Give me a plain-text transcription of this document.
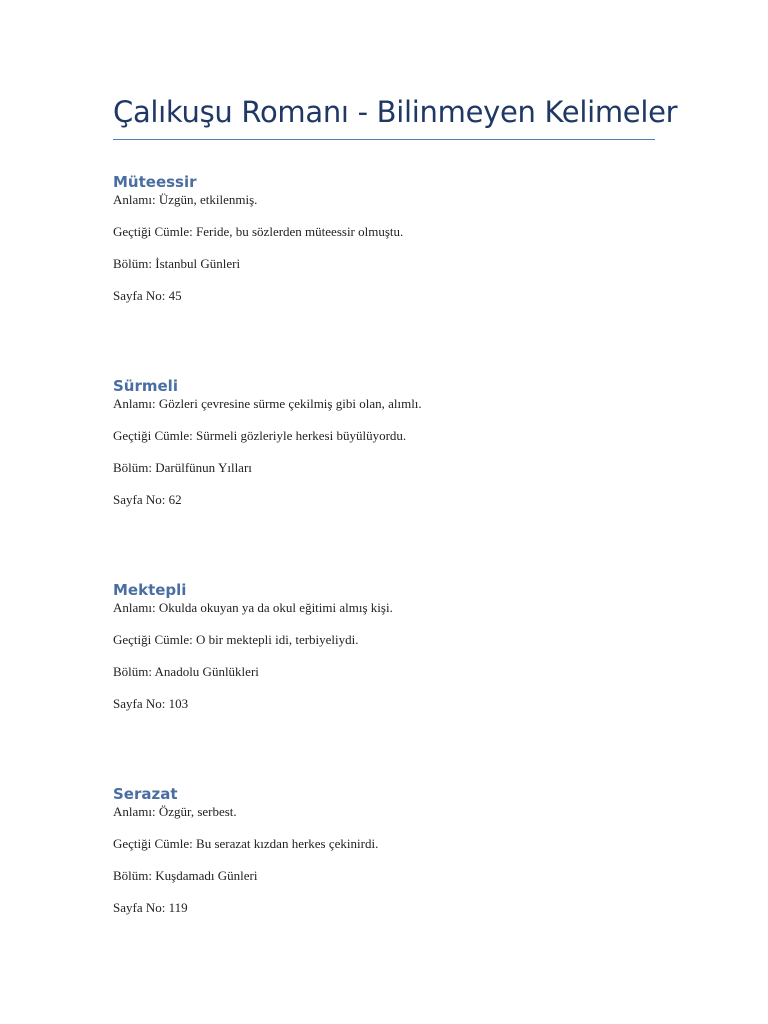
Çalıkuşu Romanı - Bilinmeyen Kelimeler
Müteessir
Anlamı: Üzgün, etkilenmiş.
Geçtiği Cümle: Feride, bu sözlerden müteessir olmuştu.
Bölüm: İstanbul Günleri
Sayfa No: 45
Sürmeli
Anlamı: Gözleri çevresine sürme çekilmiş gibi olan, alımlı.
Geçtiği Cümle: Sürmeli gözleriyle herkesi büyülüyordu.
Bölüm: Darülfünun Yılları
Sayfa No: 62
Mektepli
Anlamı: Okulda okuyan ya da okul eğitimi almış kişi.
Geçtiği Cümle: O bir mektepli idi, terbiyeliydi.
Bölüm: Anadolu Günlükleri
Sayfa No: 103
Serazat
Anlamı: Özgür, serbest.
Geçtiği Cümle: Bu serazat kızdan herkes çekinirdi.
Bölüm: Kuşdamadı Günleri
Sayfa No: 119
